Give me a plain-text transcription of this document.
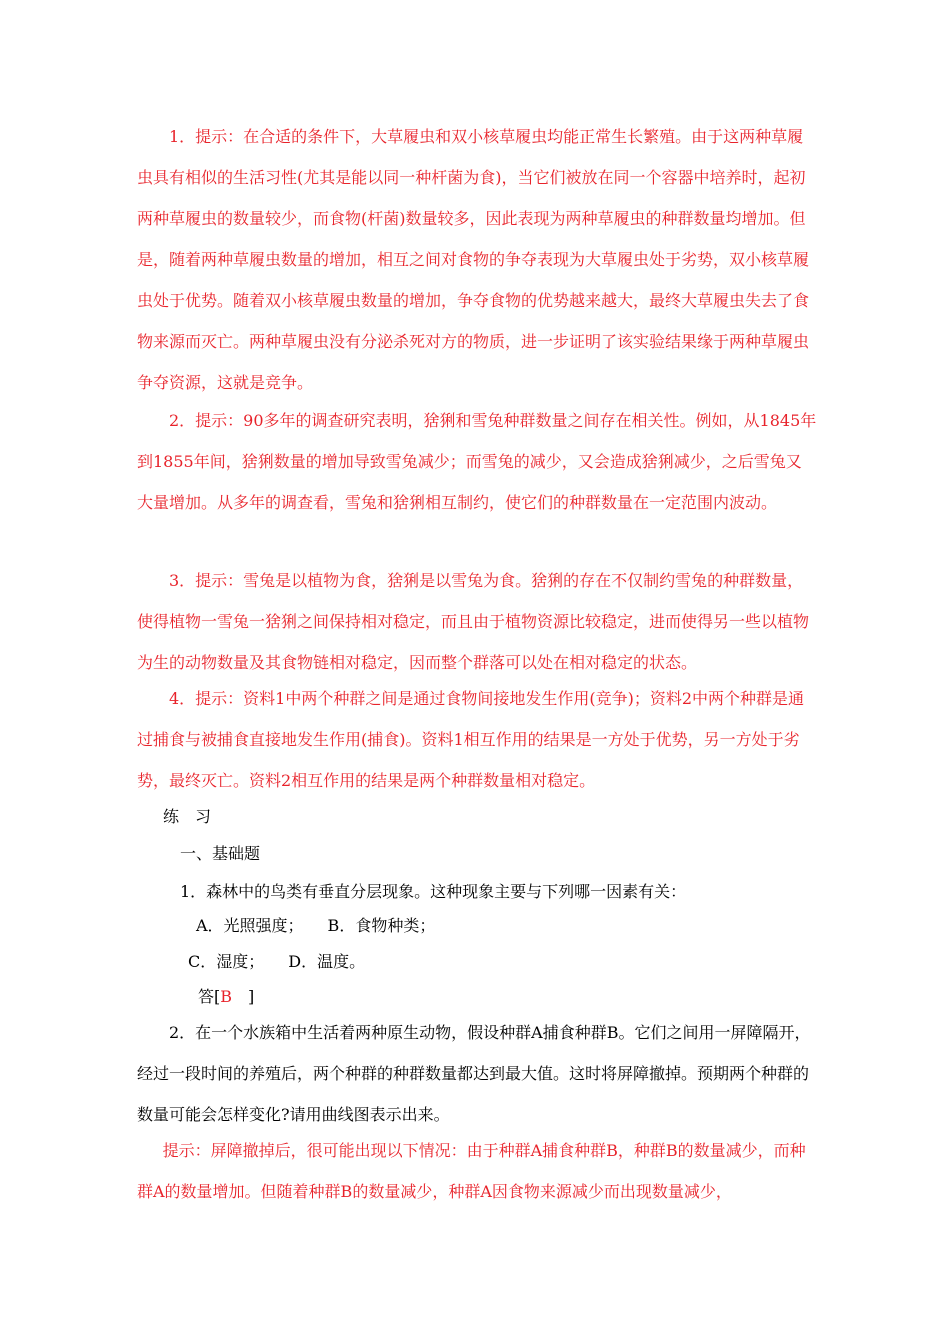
1．提示：在合适的条件下，大草履虫和双小核草履虫均能正常生长繁殖。由于这两种草履虫具有相似的生活习性(尤其是能以同一种杆菌为食)，当它们被放在同一个容器中培养时，起初两种草履虫的数量较少，而食物(杆菌)数量较多，因此表现为两种草履虫的种群数量均增加。但是，随着两种草履虫数量的增加，相互之间对食物的争夺表现为大草履虫处于劣势，双小核草履虫处于优势。随着双小核草履虫数量的增加，争夺食物的优势越来越大，最终大草履虫失去了食物来源而灭亡。两种草履虫没有分泌杀死对方的物质，进一步证明了该实验结果缘于两种草履虫争夺资源，这就是竞争。

2．提示：90多年的调查研究表明，猞猁和雪兔种群数量之间存在相关性。例如，从1845年到1855年间，猞猁数量的增加导致雪兔减少；而雪兔的减少，又会造成猞猁减少，之后雪兔又大量增加。从多年的调查看，雪兔和猞猁相互制约，使它们的种群数量在一定范围内波动。

3．提示：雪兔是以植物为食，猞猁是以雪兔为食。猞猁的存在不仅制约雪兔的种群数量，使得植物一雪兔一猞猁之间保持相对稳定，而且由于植物资源比较稳定，进而使得另一些以植物为生的动物数量及其食物链相对稳定，因而整个群落可以处在相对稳定的状态。

4．提示：资料1中两个种群之间是通过食物间接地发生作用(竞争)；资料2中两个种群是通过捕食与被捕食直接地发生作用(捕食)。资料1相互作用的结果是一方处于优势，另一方处于劣势，最终灭亡。资料2相互作用的结果是两个种群数量相对稳定。

练　习

一、基础题

1．森林中的鸟类有垂直分层现象。这种现象主要与下列哪一因素有关：

A．光照强度；　　B．食物种类；

C．湿度；　　D．温度。

答[B　]

2．在一个水族箱中生活着两种原生动物，假设种群A捕食种群B。它们之间用一屏障隔开，经过一段时间的养殖后，两个种群的种群数量都达到最大值。这时将屏障撤掉。预期两个种群的数量可能会怎样变化?请用曲线图表示出来。

提示：屏障撤掉后，很可能出现以下情况：由于种群A捕食种群B，种群B的数量减少，而种群A的数量增加。但随着种群B的数量减少，种群A因食物来源减少而出现数量减少，
